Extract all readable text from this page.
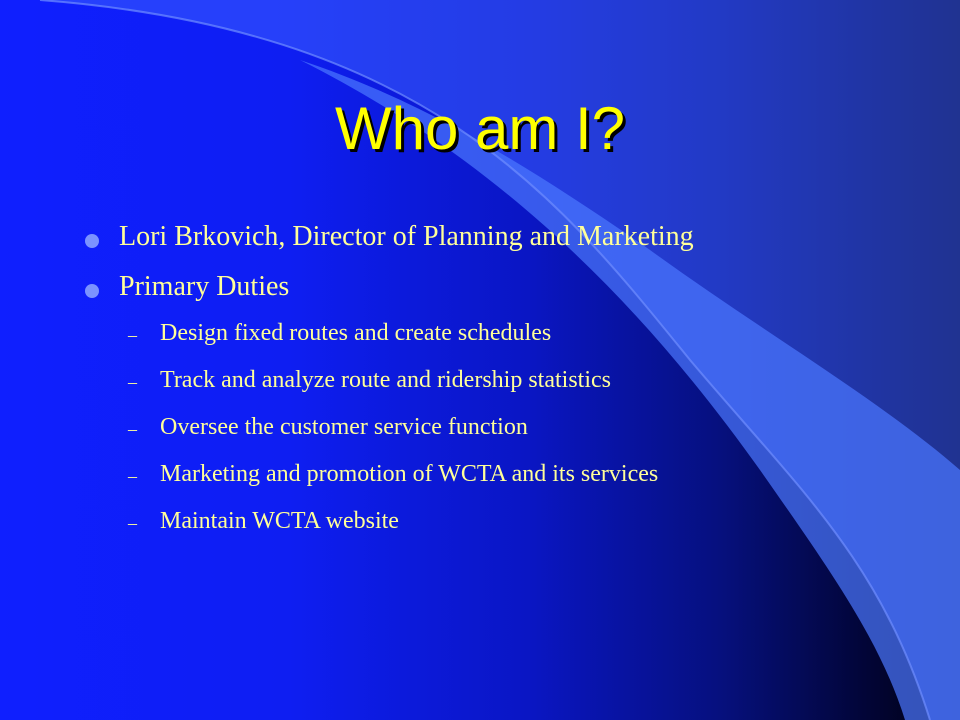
Who am I?
Lori Brkovich, Director of Planning and Marketing
Primary Duties
– Design fixed routes and create schedules
– Track and analyze route and ridership statistics
– Oversee the customer service function
– Marketing and promotion of WCTA and its services
– Maintain WCTA website
